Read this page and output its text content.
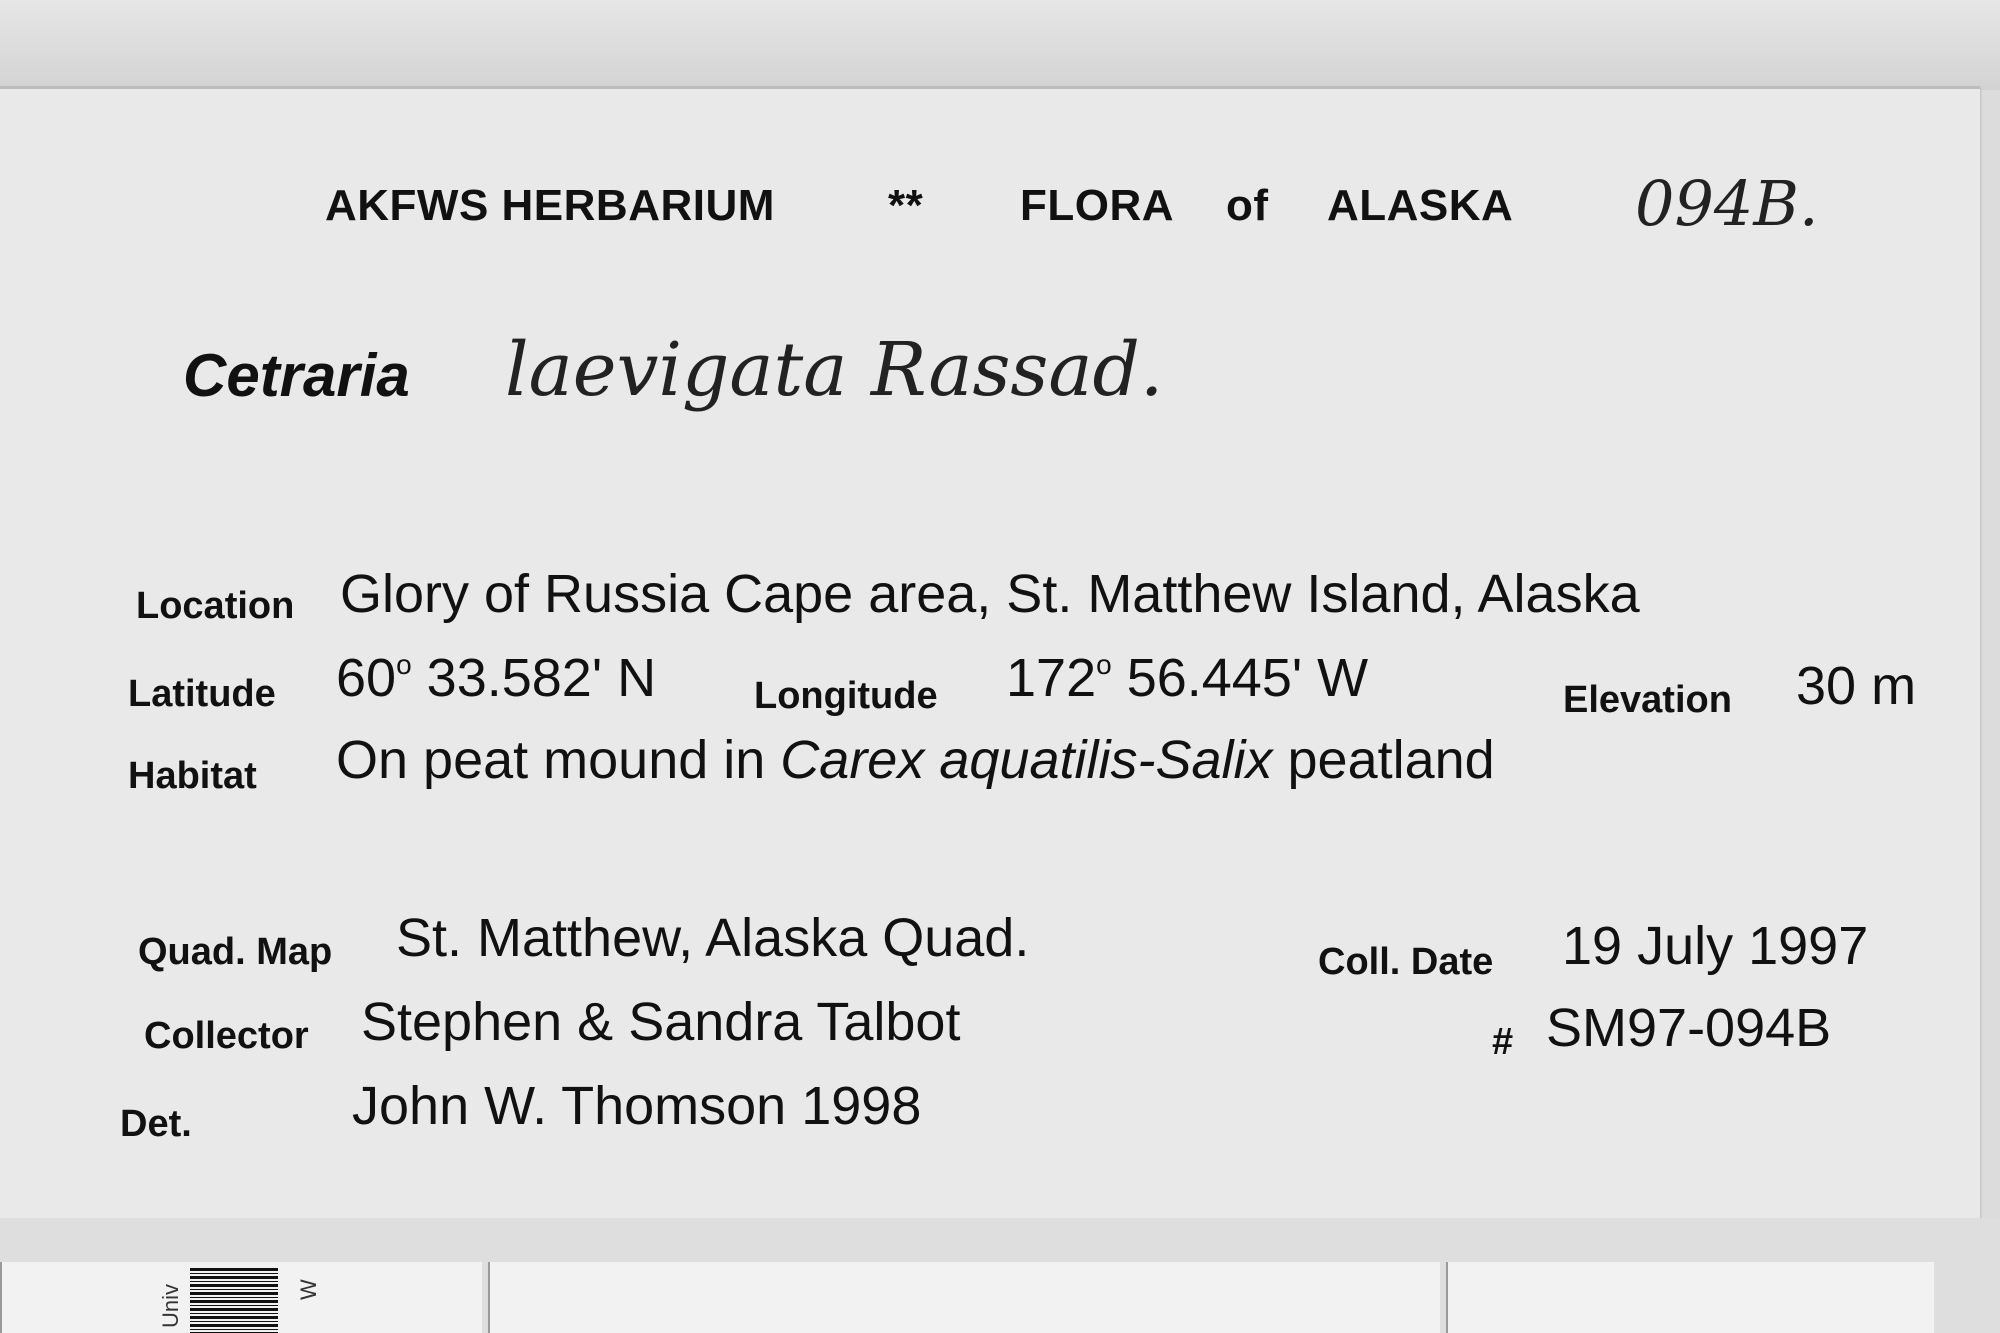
AKFWS HERBARIUM	** FLORA of ALASKA 094B.
Cetraria laevigata Rassad.
Location Glory of Russia Cape area, St. Matthew Island, Alaska
Latitude 60$^o$ 33.582' N	Longitude 172$^o$ 56.445' W	Elevation 30 m
Habitat On peat mound in Carex aquatilis-Salix peatland
Quad. Map St. Matthew, Alaska Quad.	Coll. Date 19 July 1997
Collector Stephen & Sandra Talbot	# SM97-094B
Det.	John W. Thomson 1998
Univ	W
